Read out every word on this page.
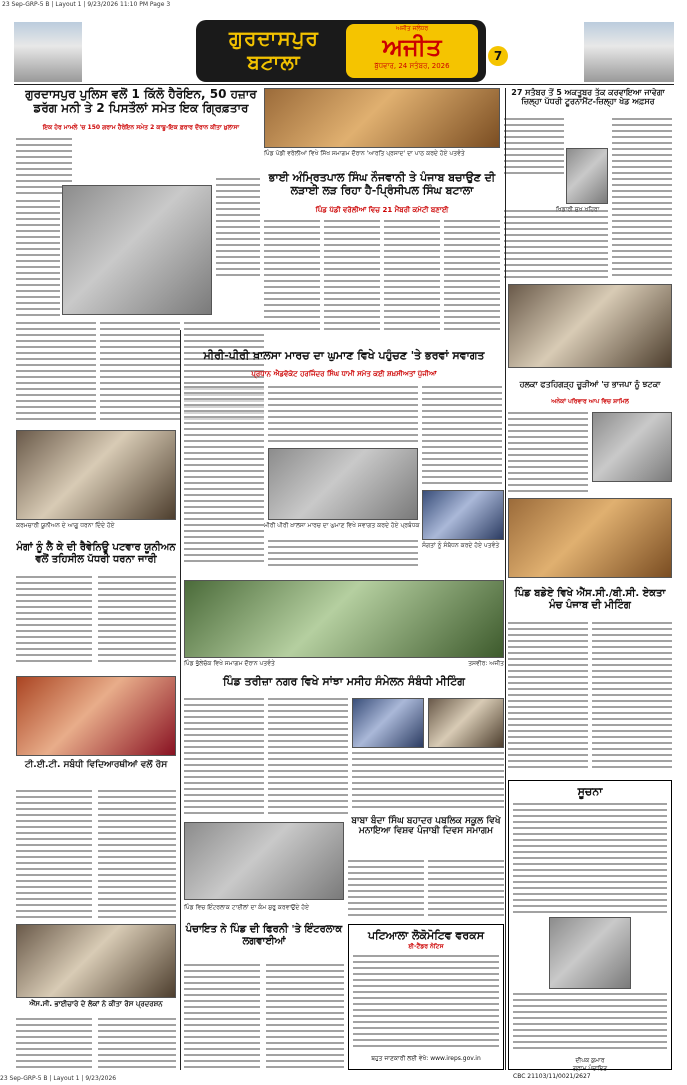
23 Sep-GRP-5 B | Layout 1 | 9/23/2026 11:10 PM Page 3
ਗੁਰਦਾਸਪੁਰ
ਬਟਾਲਾ
ਅਜੀਤ ਜਲੰਧਰ
ਅਜੀਤ
ਬੁੱਧਵਾਰ, 24 ਸਤੰਬਰ, 2026
7
ਗੁਰਦਾਸਪੁਰ ਪੁਲਿਸ ਵਲੋਂ 1 ਕਿੱਲੋ ਹੈਰੋਇਨ, 50 ਹਜ਼ਾਰ ਡਰੱਗ ਮਨੀ ਤੇ 2 ਪਿਸਤੌਲਾਂ ਸਮੇਤ ਇਕ ਗ੍ਰਿਫ਼ਤਾਰ
ਇਕ ਹੋਰ ਮਾਮਲੇ 'ਚ 150 ਗਰਾਮ ਹੈਰੋਇਨ ਸਮੇਤ 2 ਕਾਬੂ-ਇਕ ਫ਼ਰਾਰ ਦੌਰਾਨ ਕੀਤਾ ਖ਼ੁਲਾਸਾ
ਪਿੰਡ ਪੱਡੀ ਵਰੋਲੀਆਂ ਵਿਖੇ ਸਿੱਖ ਸਮਾਗਮ ਦੌਰਾਨ 'ਆਰਤਿ ਪ੍ਰਸਾਦ' ਦਾ ਪਾਠ ਕਰਦੇ ਹੋਏ ਪਤਵੰਤੇ
ਭਾਈ ਅੰਮ੍ਰਿਤਪਾਲ ਸਿੰਘ ਨੌਜਵਾਨੀ ਤੇ ਪੰਜਾਬ ਬਚਾਉਣ ਦੀ ਲੜਾਈ ਲੜ ਰਿਹਾ ਹੈ-ਪ੍ਰਿੰਸੀਪਲ ਸਿੰਘ ਬਟਾਲਾ
ਪਿੰਡ ਪੱਡੀ ਵਰੋਲੀਆਂ ਵਿਚ 21 ਮੈਂਬਰੀ ਕਮੇਟੀ ਬਣਾਈ
27 ਸਤੰਬਰ ਤੋਂ 5 ਅਕਤੂਬਰ ਤੱਕ ਕਰਵਾਇਆ ਜਾਵੇਗਾ ਜ਼ਿਲ੍ਹਾ ਪੱਧਰੀ ਟੂਰਨਾਮੈਂਟ-ਜ਼ਿਲ੍ਹਾ ਖੇਡ ਅਫ਼ਸਰ
ਮੀਰੀ-ਪੀਰੀ ਖ਼ਾਲਸਾ ਮਾਰਚ ਦਾ ਘੁਮਾਣ ਵਿਖੇ ਪਹੁੰਚਣ 'ਤੇ ਭਰਵਾਂ ਸਵਾਗਤ
ਪ੍ਰਧਾਨ ਐਡਵੋਕੇਟ ਹਰਜਿੰਦਰ ਸਿੰਘ ਧਾਮੀ ਸਮੇਤ ਕਈ ਸ਼ਖ਼ਸੀਅਤਾਂ ਪੁੱਜੀਆਂ
ਮੀਰੀ ਪੀਰੀ ਖ਼ਾਲਸਾ ਮਾਰਚ ਦਾ ਘੁਮਾਣ ਵਿਖੇ ਸਵਾਗਤ ਕਰਦੇ ਹੋਏ ਪ੍ਰਬੰਧਕ
ਸੰਗਤਾਂ ਨੂੰ ਸੰਬੋਧਨ ਕਰਦੇ ਹੋਏ ਪਤਵੰਤੇ
ਕਰਮਚਾਰੀ ਯੂਨੀਅਨ ਦੇ ਆਗੂ ਧਰਨਾ ਦਿੰਦੇ ਹੋਏ
ਮੰਗਾਂ ਨੂੰ ਲੈ ਕੇ ਦੀ ਰੈਵੇਨਿਊ ਪਟਵਾਰ ਯੂਨੀਅਨ ਵਲੋਂ ਤਹਿਸੀਲ ਪੱਧਰੀ ਧਰਨਾ ਜਾਰੀ
ਹਲਕਾ ਫਤਹਿਗੜ੍ਹ ਚੂੜੀਆਂ 'ਚ ਭਾਜਪਾ ਨੂੰ ਝਟਕਾ
ਅਨੇਕਾਂ ਪਰਿਵਾਰ ਆਪ ਵਿਚ ਸ਼ਾਮਿਲ
ਪਿੰਡ ਬਡੇਏ ਵਿਖੇ ਐੱਸ.ਸੀ./ਬੀ.ਸੀ. ਏਕਤਾ ਮੰਚ ਪੰਜਾਬ ਦੀ ਮੀਟਿੰਗ
ਪਿੰਡ ਭੁੱਲੇਚੱਕ ਵਿਖੇ ਸਮਾਗਮ ਦੌਰਾਨ ਪਤਵੰਤੇ	ਤਸਵੀਰ: ਅਜੀਤ
ਪਿੰਡ ਤਰੀਜ਼ਾ ਨਗਰ ਵਿਖੇ ਸਾਂਝਾ ਮਸੀਹ ਸੰਮੇਲਨ ਸੰਬੰਧੀ ਮੀਟਿੰਗ
ਟੀ.ਈ.ਟੀ. ਸਬੰਧੀ ਵਿਦਿਆਰਥੀਆਂ ਵਲੋਂ ਰੋਸ
ਬਾਬਾ ਬੰਦਾ ਸਿੰਘ ਬਹਾਦਰ ਪਬਲਿਕ ਸਕੂਲ ਵਿਖੇ ਮਨਾਇਆ ਵਿਸ਼ਵ ਪੰਜਾਬੀ ਦਿਵਸ ਸਮਾਗਮ
ਪਿੰਡ ਵਿਚ ਇੰਟਰਲਾਕ ਟਾਈਲਾਂ ਦਾ ਕੰਮ ਸ਼ੁਰੂ ਕਰਵਾਉਂਦੇ ਹੋਏ
ਪੰਚਾਇਤ ਨੇ ਪਿੰਡ ਦੀ ਫਿਰਨੀ 'ਤੇ ਇੰਟਰਲਾਕ ਲਗਵਾਈਆਂ
ਐੱਸ.ਸੀ. ਭਾਈਚਾਰੇ ਦੇ ਲੋਕਾਂ ਨੇ ਕੀਤਾ ਰੋਸ ਪ੍ਰਦਰਸ਼ਨ
ਪਟਿਆਲਾ ਲੋਕੋਮੋਟਿਵ ਵਰਕਸ
ਈ-ਟੈਂਡਰ ਨੋਟਿਸ
ਬਹੁਤ ਜਾਣਕਾਰੀ ਲਈ ਵੇਖੋ: www.ireps.gov.in
ਸੂਚਨਾ
ਦੀਪਕ ਕੁਮਾਰ
ਗ੍ਰਾਮ ਪੰਚਾਇਤ
CBC 21103/11/0021/2627
23 Sep-GRP-5 B | Layout 1 | 9/23/2026
